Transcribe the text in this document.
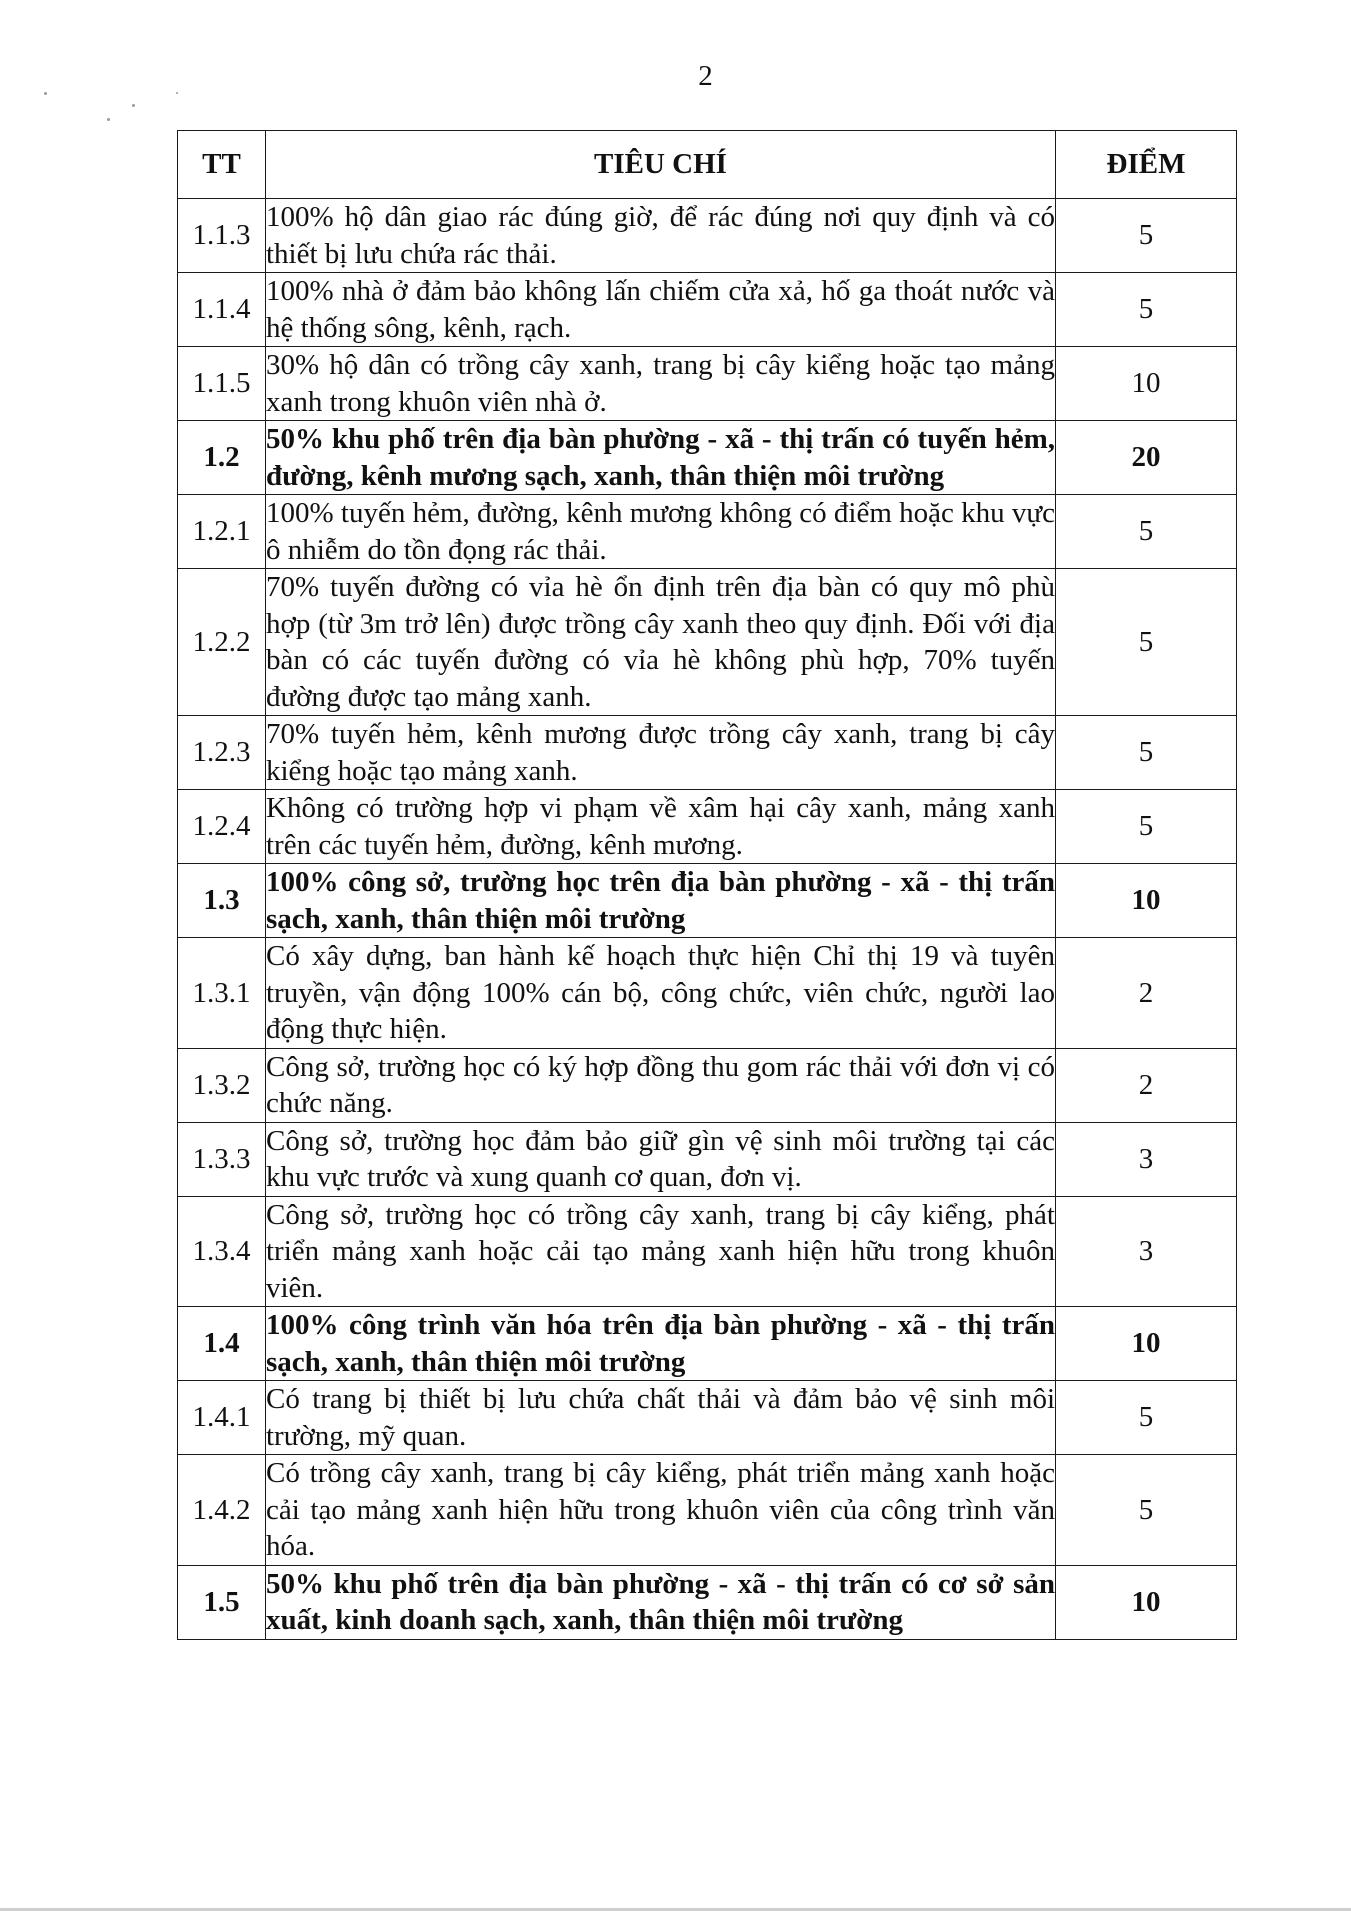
2
TT	TIÊU CHÍ	ĐIỂM
1.1.3	100% hộ dân giao rác đúng giờ, để rác đúng nơi quy định và có thiết bị lưu chứa rác thải.	5
1.1.4	100% nhà ở đảm bảo không lấn chiếm cửa xả, hố ga thoát nước và hệ thống sông, kênh, rạch.	5
1.1.5	30% hộ dân có trồng cây xanh, trang bị cây kiểng hoặc tạo mảng xanh trong khuôn viên nhà ở.	10
1.2	50% khu phố trên địa bàn phường - xã - thị trấn có tuyến hẻm, đường, kênh mương sạch, xanh, thân thiện môi trường	20
1.2.1	100% tuyến hẻm, đường, kênh mương không có điểm hoặc khu vực ô nhiễm do tồn đọng rác thải.	5
1.2.2	70% tuyến đường có vỉa hè ổn định trên địa bàn có quy mô phù hợp (từ 3m trở lên) được trồng cây xanh theo quy định. Đối với địa bàn có các tuyến đường có vỉa hè không phù hợp, 70% tuyến đường được tạo mảng xanh.	5
1.2.3	70% tuyến hẻm, kênh mương được trồng cây xanh, trang bị cây kiểng hoặc tạo mảng xanh.	5
1.2.4	Không có trường hợp vi phạm về xâm hại cây xanh, mảng xanh trên các tuyến hẻm, đường, kênh mương.	5
1.3	100% công sở, trường học trên địa bàn phường - xã - thị trấn sạch, xanh, thân thiện môi trường	10
1.3.1	Có xây dựng, ban hành kế hoạch thực hiện Chỉ thị 19 và tuyên truyền, vận động 100% cán bộ, công chức, viên chức, người lao động thực hiện.	2
1.3.2	Công sở, trường học có ký hợp đồng thu gom rác thải với đơn vị có chức năng.	2
1.3.3	Công sở, trường học đảm bảo giữ gìn vệ sinh môi trường tại các khu vực trước và xung quanh cơ quan, đơn vị.	3
1.3.4	Công sở, trường học có trồng cây xanh, trang bị cây kiểng, phát triển mảng xanh hoặc cải tạo mảng xanh hiện hữu trong khuôn viên.	3
1.4	100% công trình văn hóa trên địa bàn phường - xã - thị trấn sạch, xanh, thân thiện môi trường	10
1.4.1	Có trang bị thiết bị lưu chứa chất thải và đảm bảo vệ sinh môi trường, mỹ quan.	5
1.4.2	Có trồng cây xanh, trang bị cây kiểng, phát triển mảng xanh hoặc cải tạo mảng xanh hiện hữu trong khuôn viên của công trình văn hóa.	5
1.5	50% khu phố trên địa bàn phường - xã - thị trấn có cơ sở sản xuất, kinh doanh sạch, xanh, thân thiện môi trường	10
